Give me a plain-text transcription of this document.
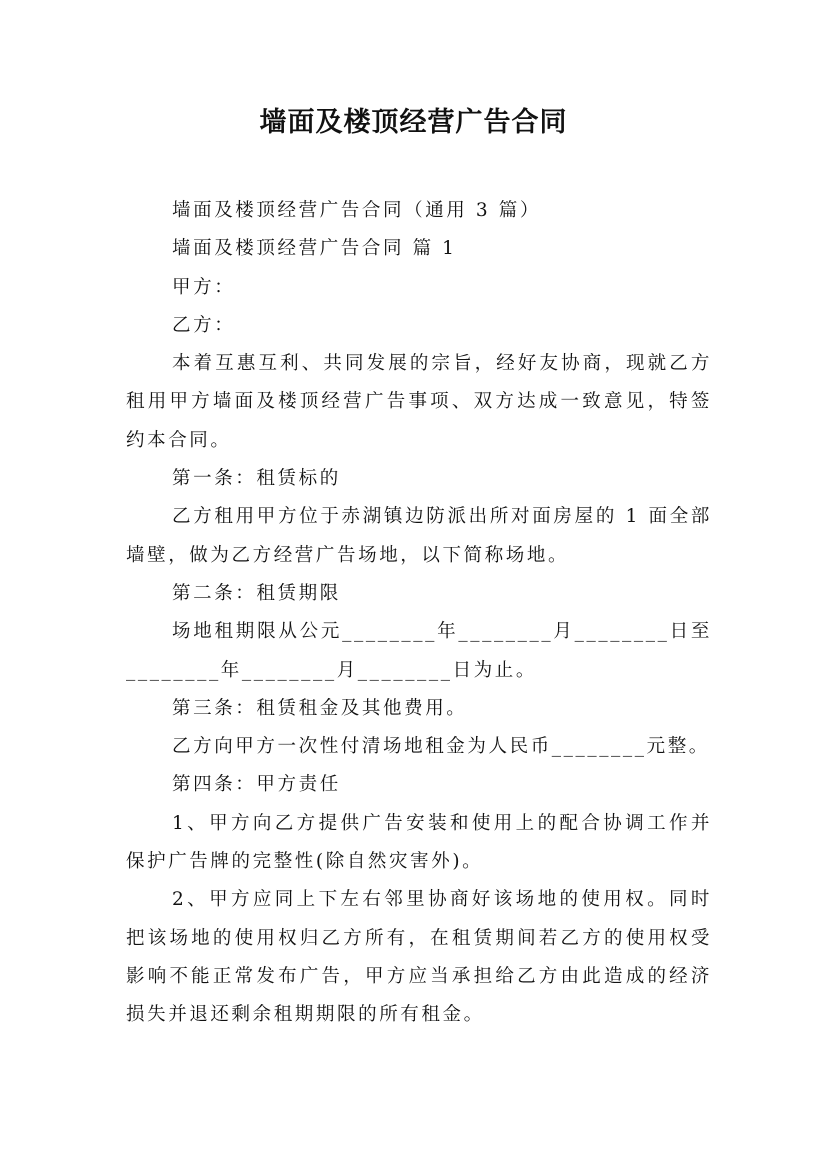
墙面及楼顶经营广告合同

墙面及楼顶经营广告合同（通用 3 篇）

墙面及楼顶经营广告合同 篇 1

甲方：

乙方：

本着互惠互利、共同发展的宗旨，经好友协商，现就乙方租用甲方墙面及楼顶经营广告事项、双方达成一致意见，特签约本合同。

第一条：租赁标的

乙方租用甲方位于赤湖镇边防派出所对面房屋的 1 面全部墙壁，做为乙方经营广告场地，以下简称场地。

第二条：租赁期限

场地租期限从公元________年________月________日至________年________月________日为止。

第三条：租赁租金及其他费用。

乙方向甲方一次性付清场地租金为人民币________元整。

第四条：甲方责任

1、甲方向乙方提供广告安装和使用上的配合协调工作并保护广告牌的完整性(除自然灾害外)。

2、甲方应同上下左右邻里协商好该场地的使用权。同时把该场地的使用权归乙方所有，在租赁期间若乙方的使用权受影响不能正常发布广告，甲方应当承担给乙方由此造成的经济损失并退还剩余租期期限的所有租金。
